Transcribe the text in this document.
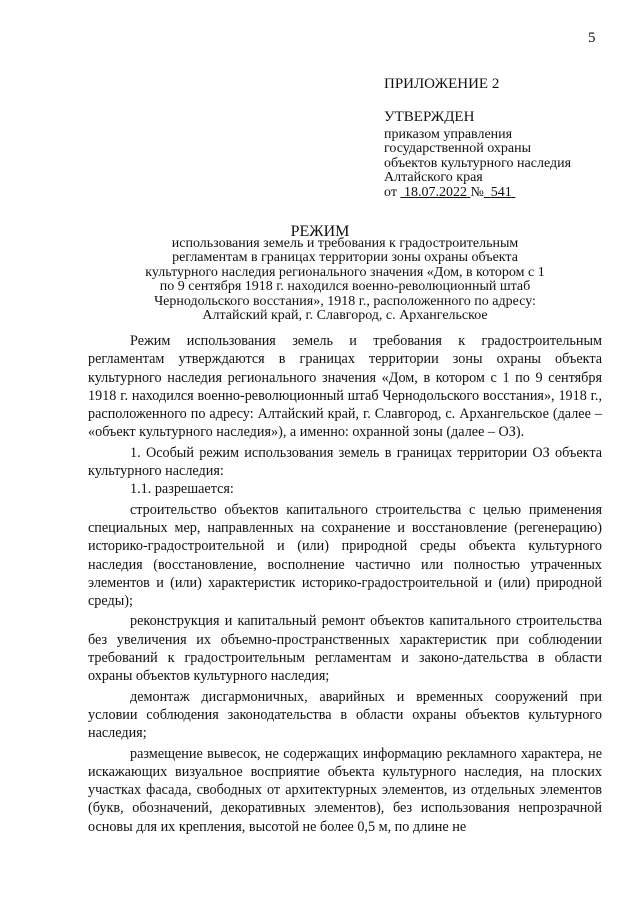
5
ПРИЛОЖЕНИЕ 2
УТВЕРЖДЕН
приказом управления
государственной охраны
объектов культурного наследия
Алтайского края
от 18.07.2022 № 541
РЕЖИМ
использования земель и требования к градостроительным
регламентам в границах территории зоны охраны объекта
культурного наследия регионального значения «Дом, в котором с 1
по 9 сентября 1918 г. находился военно-революционный штаб
Чернодольского восстания», 1918 г., расположенного по адресу:
Алтайский край, г. Славгород, с. Архангельское

Режим использования земель и требования к градостроительным регламентам утверждаются в границах территории зоны охраны объекта культурного наследия регионального значения «Дом, в котором с 1 по 9 сентября 1918 г. находился военно-революционный штаб Чернодольского восстания», 1918 г., расположенного по адресу: Алтайский край, г. Славгород, с. Архангельское (далее – «объект культурного наследия»), а именно: охранной зоны (далее – ОЗ).

1. Особый режим использования земель в границах территории ОЗ объекта культурного наследия:

1.1. разрешается:

строительство объектов капитального строительства с целью применения специальных мер, направленных на сохранение и восстановление (регенерацию) историко-градостроительной и (или) природной среды объекта культурного наследия (восстановление, восполнение частично или полностью утраченных элементов и (или) характеристик историко-градостроительной и (или) природной среды);

реконструкция и капитальный ремонт объектов капитального строительства без увеличения их объемно-пространственных характеристик при соблюдении требований к градостроительным регламентам и законо-дательства в области охраны объектов культурного наследия;

демонтаж дисгармоничных, аварийных и временных сооружений при условии соблюдения законодательства в области охраны объектов культурного наследия;

размещение вывесок, не содержащих информацию рекламного характера, не искажающих визуальное восприятие объекта культурного наследия, на плоских участках фасада, свободных от архитектурных элементов, из отдельных элементов (букв, обозначений, декоративных элементов), без использования непрозрачной основы для их крепления, высотой не более 0,5 м, по длине не
